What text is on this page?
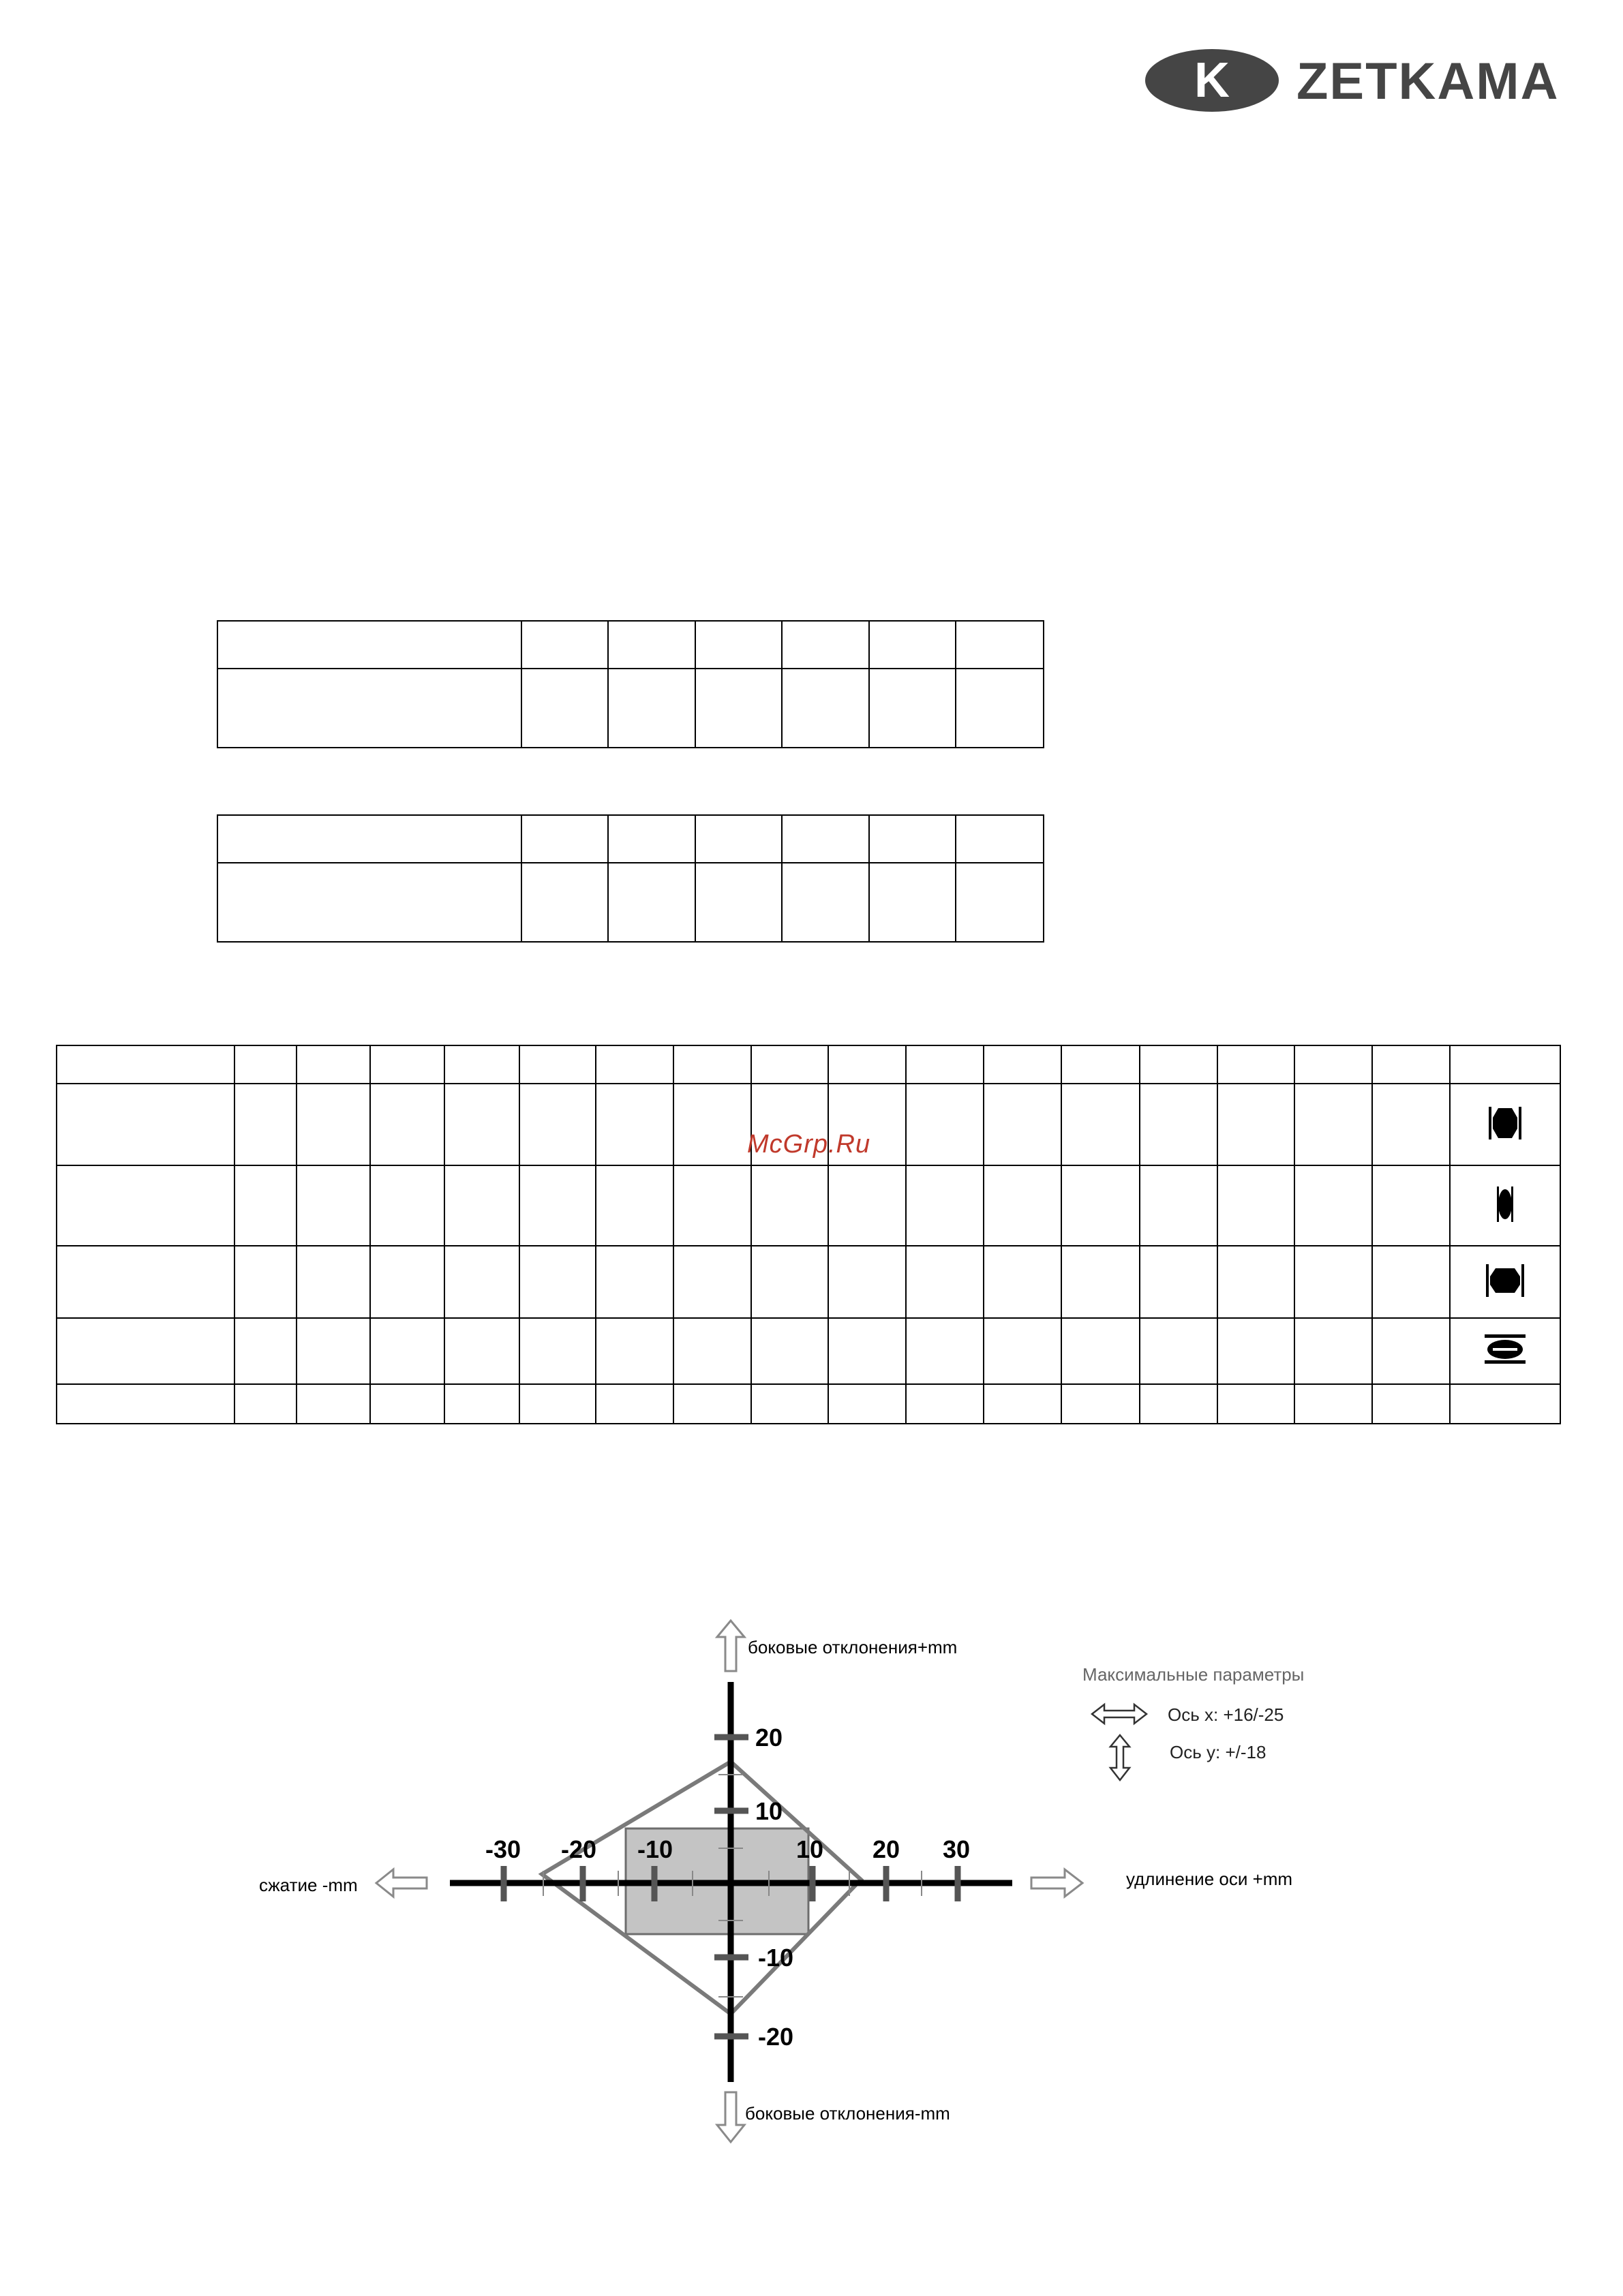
K	ZETKAMA

McGrp.Ru
-30 -20 -10	10 20 30
20
10
-10
-20
боковые отклонения+mm
боковые отклонения-mm
сжатие -mm	удлинение оси +mm
Максимальные параметры
Ось x: +16/-25
Ось y: +/-18
